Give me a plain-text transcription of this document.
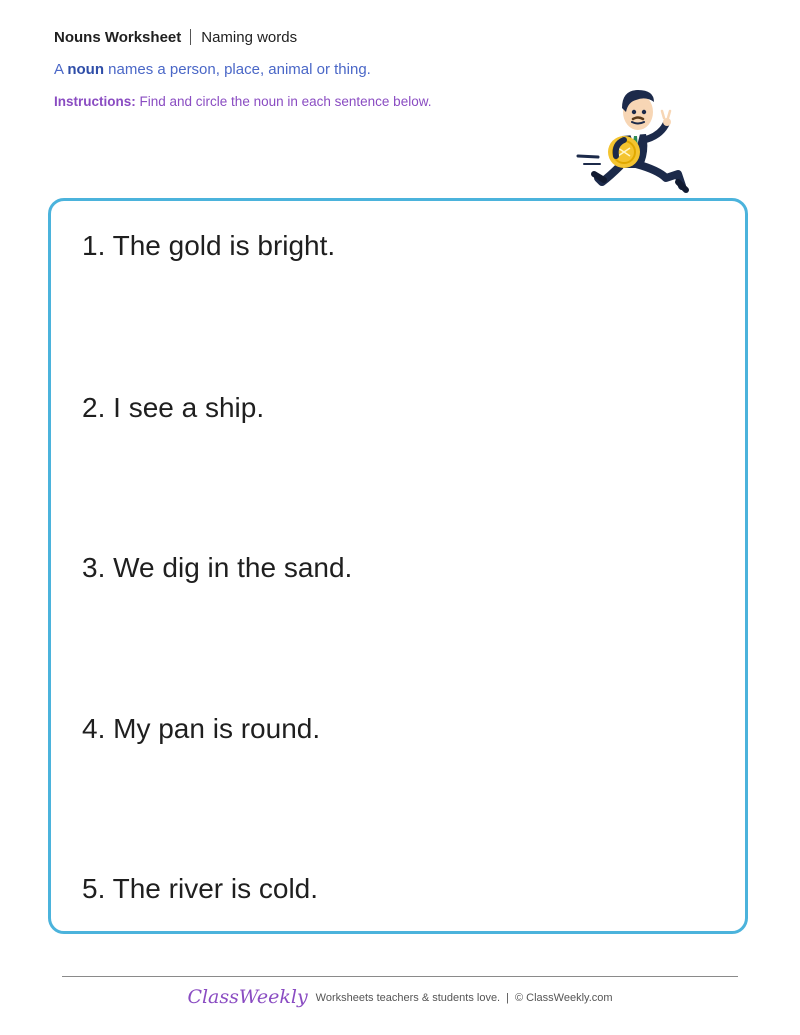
Nouns Worksheet Naming words
A noun names a person, place, animal or thing.
Instructions: Find and circle the noun in each sentence below.
1. The gold is bright.
2. I see a ship.
3. We dig in the sand.
4. My pan is round.
5. The river is cold.
ClassWeekly Worksheets teachers & students love. | © ClassWeekly.com
